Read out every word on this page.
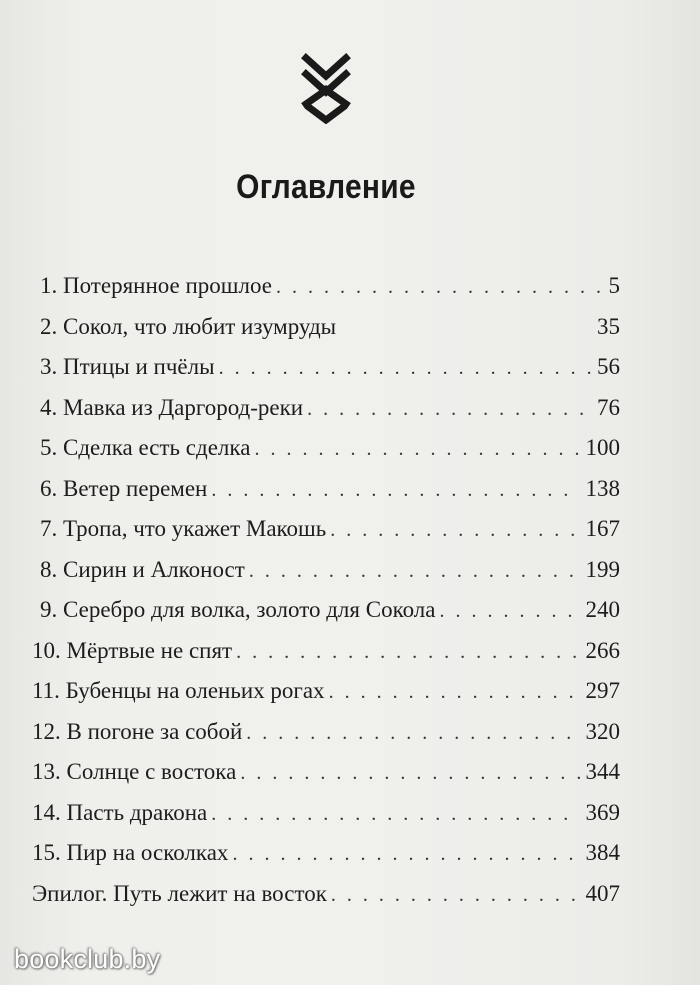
Оглавление
1. Потерянное прошлое . . .	5
2. Сокол, что любит изумруды	35
3. Птицы и пчёлы . . .	56
4. Мавка из Даргород-реки . . .	76
5. Сделка есть сделка . . .	100
6. Ветер перемен . . .	138
7. Тропа, что укажет Макошь . . .	167
8. Сирин и Алконост . . .	199
9. Серебро для волка, золото для Сокола . . .	240
10. Мёртвые не спят . . .	266
11. Бубенцы на оленьих рогах . . .	297
12. В погоне за собой . . .	320
13. Солнце с востока . . .	344
14. Пасть дракона . . .	369
15. Пир на осколках . . .	384
Эпилог. Путь лежит на восток . . .	407
bookclub.by
